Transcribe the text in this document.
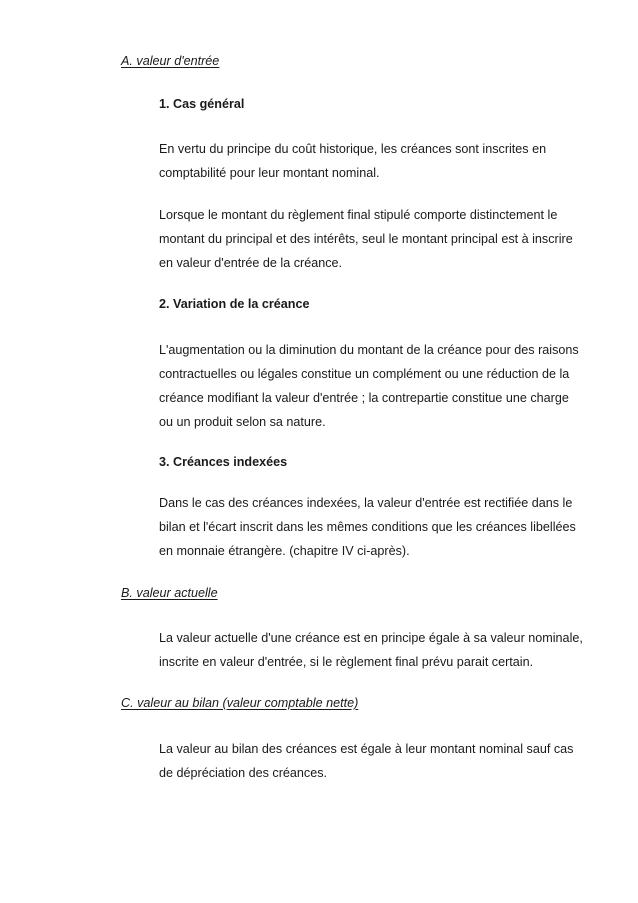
A. valeur d'entrée
1. Cas général
En vertu du principe du coût historique, les créances sont inscrites en
comptabilité pour leur montant nominal.
Lorsque le montant du règlement final stipulé comporte distinctement le
montant du principal et des intérêts, seul le montant principal est à inscrire
en valeur d'entrée de la créance.
2. Variation de la créance
L'augmentation ou la diminution du montant de la créance pour des raisons
contractuelles ou légales constitue un complément ou une réduction de la
créance modifiant la valeur d'entrée ; la contrepartie constitue une charge
ou un produit selon sa nature.
3. Créances indexées
Dans le cas des créances indexées, la valeur d'entrée est rectifiée dans le
bilan et l'écart inscrit dans les mêmes conditions que les créances libellées
en monnaie étrangère. (chapitre IV ci-après).
B. valeur actuelle
La valeur actuelle d'une créance est en principe égale à sa valeur nominale,
inscrite en valeur d'entrée, si le règlement final prévu parait certain.
C. valeur au bilan (valeur comptable nette)
La valeur au bilan des créances est égale à leur montant nominal sauf cas
de dépréciation des créances.
